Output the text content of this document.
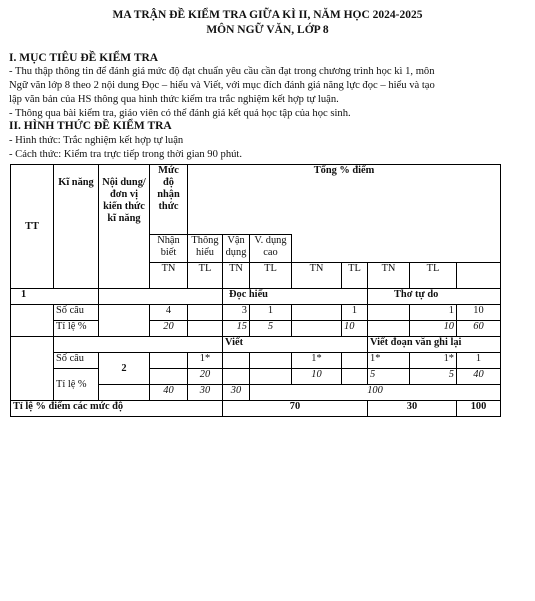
MA TRẬN ĐỀ KIỂM TRA GIỮA KÌ II, NĂM HỌC 2024-2025
MÔN NGỮ VĂN, LỚP 8
I. MỤC TIÊU ĐỀ KIỂM TRA
- Thu thập thông tin để đánh giá mức độ đạt chuẩn yêu cầu cần đạt trong chương trình học kì 1, môn
Ngữ văn lớp 8 theo 2 nội dung Đọc – hiểu và Viết, với mục đích đánh giá năng lực đọc – hiểu và tạo
lập văn bản của HS thông qua hình thức kiểm tra trắc nghiệm kết hợp tự luận.
- Thông qua bài kiểm tra, giáo viên có thể đánh giá kết quả học tập của học sinh.
II. HÌNH THỨC ĐỀ KIỂM TRA
- Hình thức: Trắc nghiệm kết hợp tự luận
- Cách thức: Kiểm tra trực tiếp trong thời gian 90 phút.
TT	Kĩ năng	Nội dung/đơn vị kiến thức kĩ năng	Mức độ nhận thức	Tổng % điểm							
			Nhận biết	Thông hiểu	Vận dụng	V. dụng cao					
			TN	TL	TN	TL	TN	TL	TN	TL	
1					Đọc hiểu				Thơ tự do		
	Số câu		4		3	1		1		1	10
	Tỉ lệ %		20		15	5		10		10	60
					Viết				Viết đoạn văn ghi lại		
	Số câu	2		1*			1*		1*	1*	1
	Tỉ lệ %			20			10		5	5	40
			40	30	30	100					
Tỉ lệ % điểm các mức độ					70				30		100
